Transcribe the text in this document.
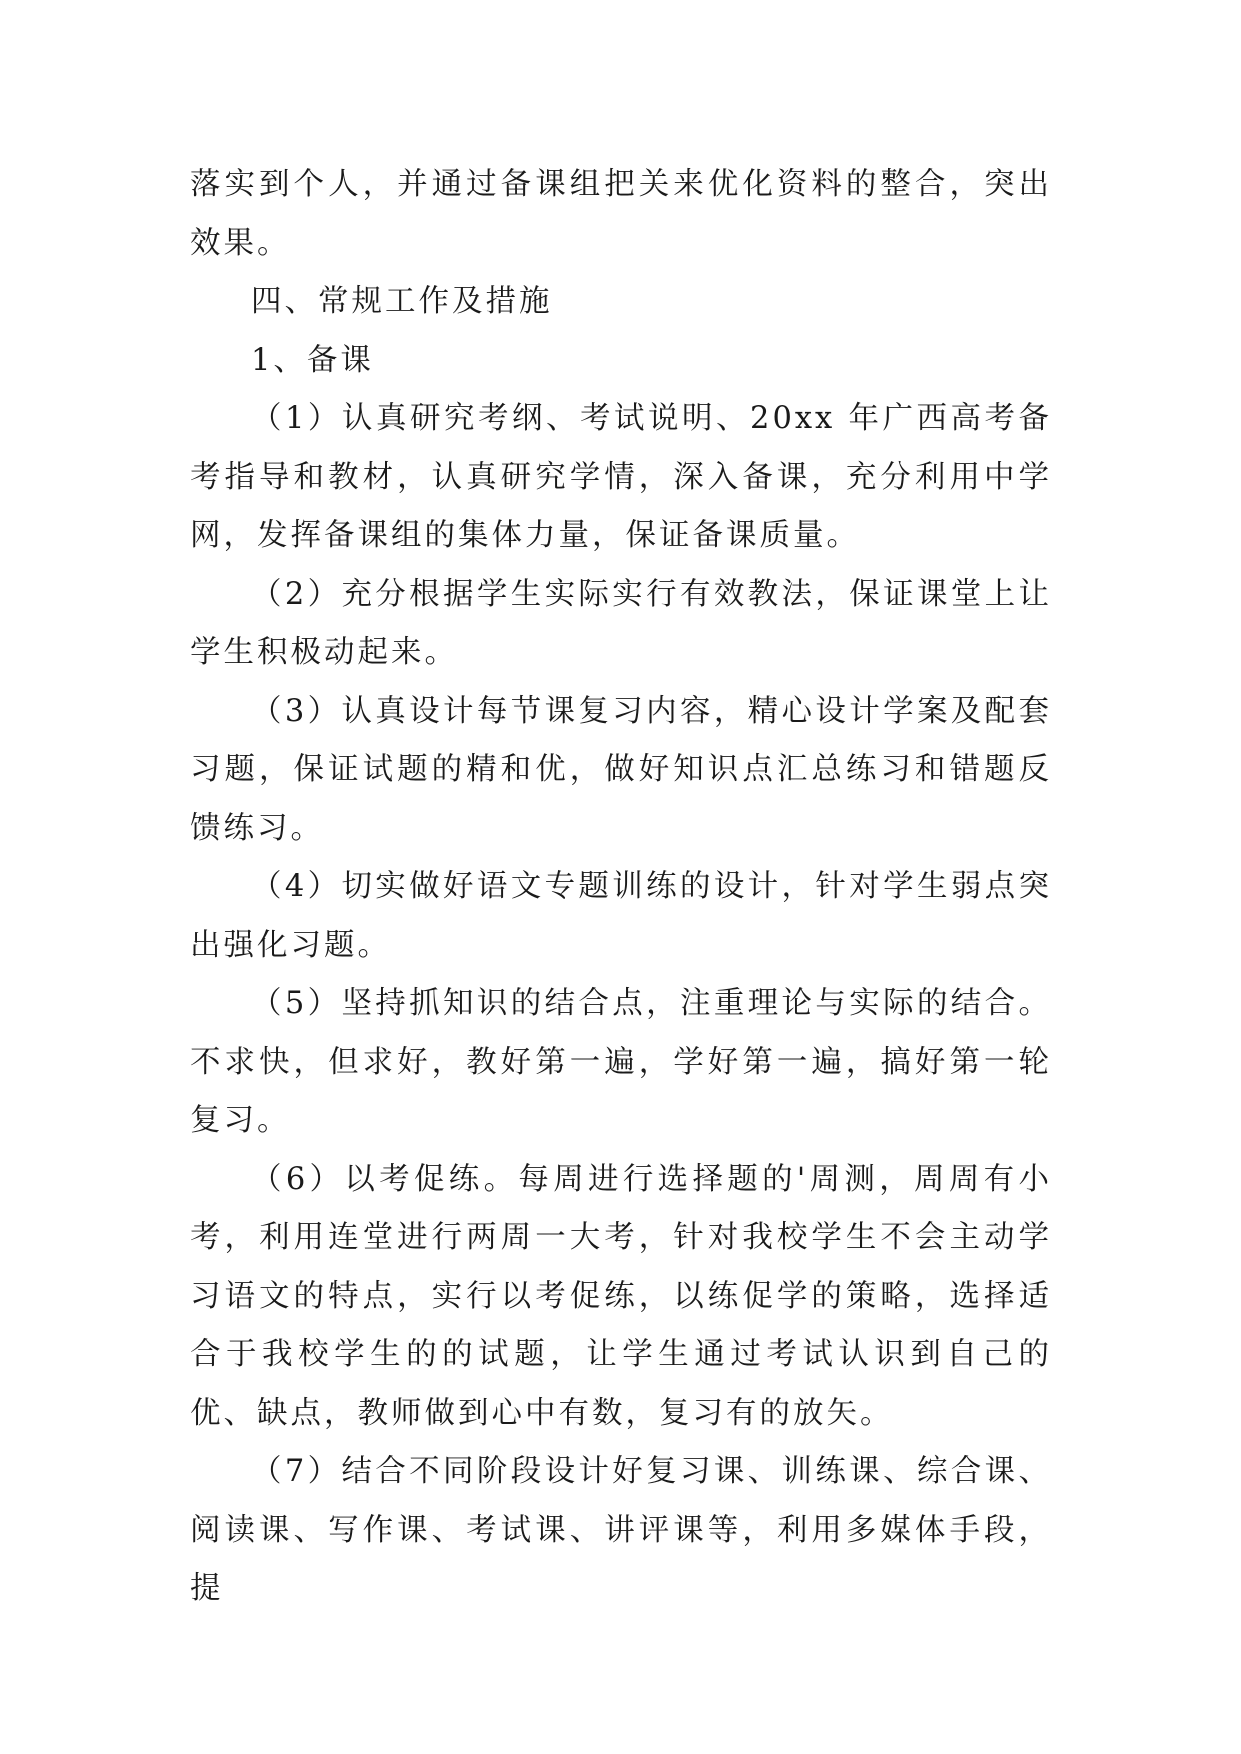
落实到个人，并通过备课组把关来优化资料的整合，突出效果。

四、常规工作及措施

1、备课

（1）认真研究考纲、考试说明、20xx 年广西高考备考指导和教材，认真研究学情，深入备课，充分利用中学网，发挥备课组的集体力量，保证备课质量。

（2）充分根据学生实际实行有效教法，保证课堂上让学生积极动起来。

（3）认真设计每节课复习内容，精心设计学案及配套习题，保证试题的精和优，做好知识点汇总练习和错题反馈练习。

（4）切实做好语文专题训练的设计，针对学生弱点突出强化习题。

（5）坚持抓知识的结合点，注重理论与实际的结合。不求快，但求好，教好第一遍，学好第一遍，搞好第一轮复习。

（6）以考促练。每周进行选择题的'周测，周周有小考，利用连堂进行两周一大考，针对我校学生不会主动学习语文的特点，实行以考促练，以练促学的策略，选择适合于我校学生的的试题，让学生通过考试认识到自己的优、缺点，教师做到心中有数，复习有的放矢。

（7）结合不同阶段设计好复习课、训练课、综合课、阅读课、写作课、考试课、讲评课等，利用多媒体手段，提
